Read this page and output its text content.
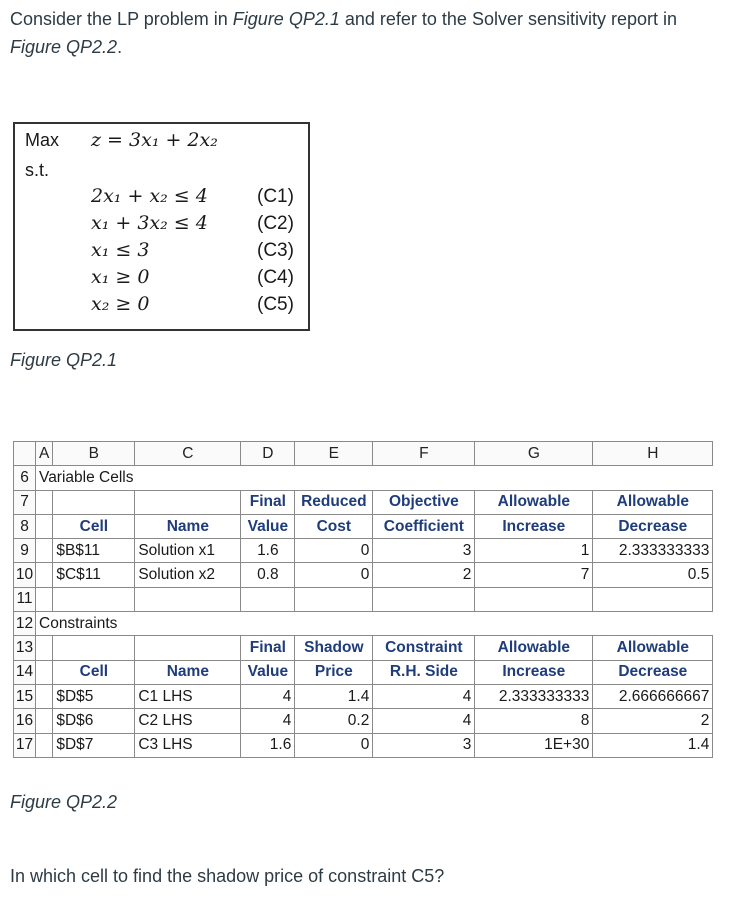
Consider the LP problem in Figure QP2.1 and refer to the Solver sensitivity report in Figure QP2.2.

Max z = 3x₁ + 2x₂
s.t.
2x₁ + x₂ ≤ 4	(C1)
x₁ + 3x₂ ≤ 4	(C2)
x₁ ≤ 3	(C3)
x₁ ≥ 0	(C4)
x₂ ≥ 0	(C5)

Figure QP2.1

	A	B	C	D	E	F	G	H
6	Variable Cells							
7				Final	Reduced	Objective	Allowable	Allowable
8		Cell	Name	Value	Cost	Coefficient	Increase	Decrease
9		$B$11	Solution x1	1.6	0	3	1	2.333333333
10		$C$11	Solution x2	0.8	0	2	7	0.5
11								
12	Constraints							
13				Final	Shadow	Constraint	Allowable	Allowable
14		Cell	Name	Value	Price	R.H. Side	Increase	Decrease
15		$D$5	C1 LHS	4	1.4	4	2.333333333	2.666666667
16		$D$6	C2 LHS	4	0.2	4	8	2
17		$D$7	C3 LHS	1.6	0	3	1E+30	1.4

Figure QP2.2

In which cell to find the shadow price of constraint C5?
